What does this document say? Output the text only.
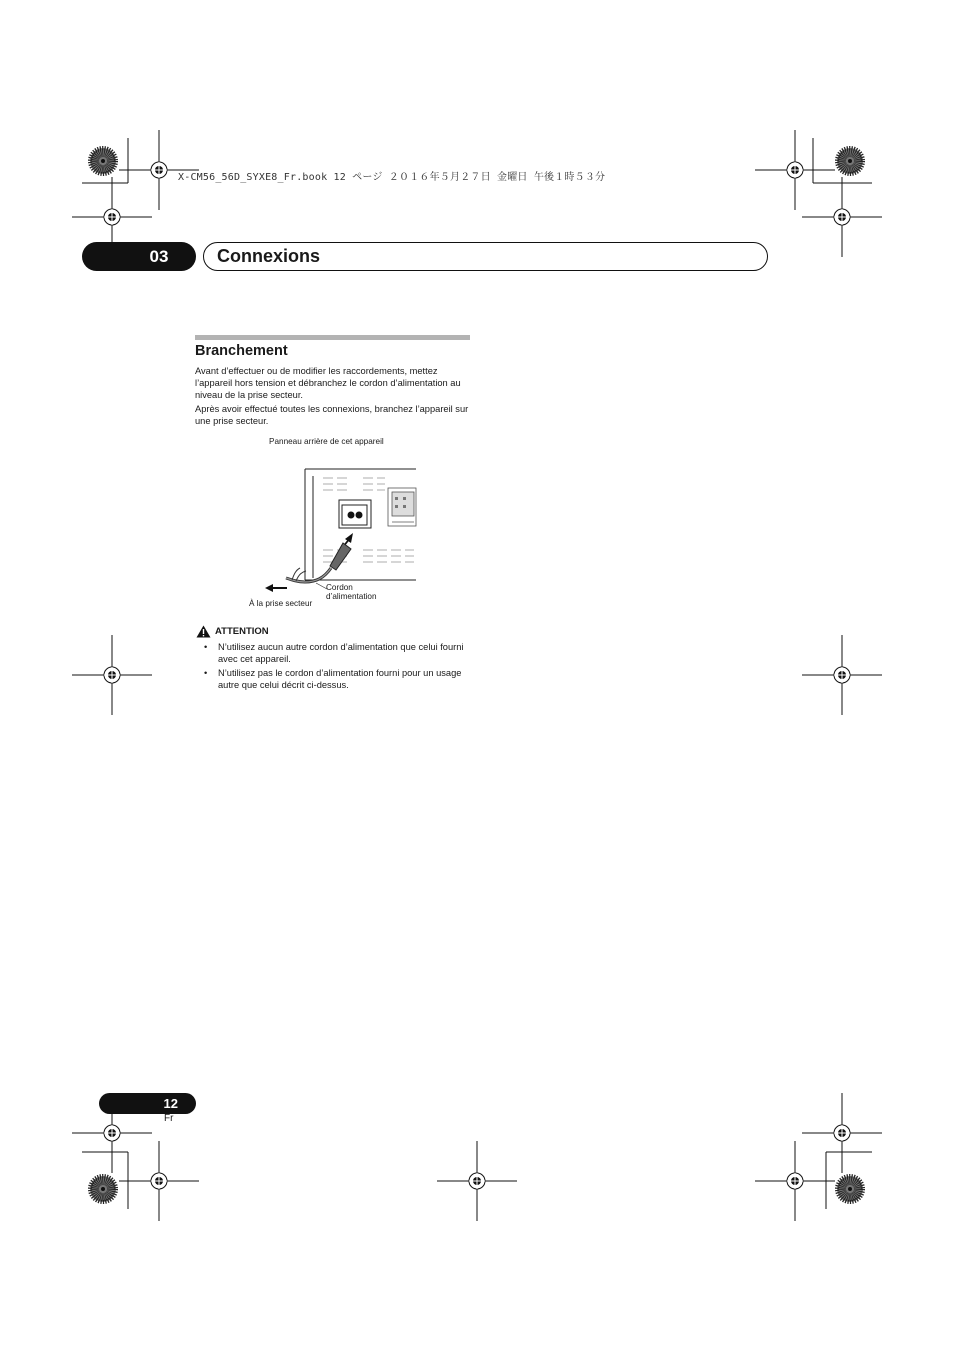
X-CM56_56D_SYXE8_Fr.book 12 ページ ２０１６年５月２７日 金曜日 午後１時５３分
03	Connexions
Branchement
Avant d’effectuer ou de modifier les raccordements, mettez l’appareil hors tension et débranchez le cordon d’alimentation au niveau de la prise secteur.
Après avoir effectué toutes les connexions, branchez l’appareil sur une prise secteur.
Panneau arrière de cet appareil
Cordon
d’alimentation
À la prise secteur
ATTENTION
• N’utilisez aucun autre cordon d’alimentation que celui fourni avec cet appareil.
• N’utilisez pas le cordon d’alimentation fourni pour un usage autre que celui décrit ci-dessus.
12
Fr
